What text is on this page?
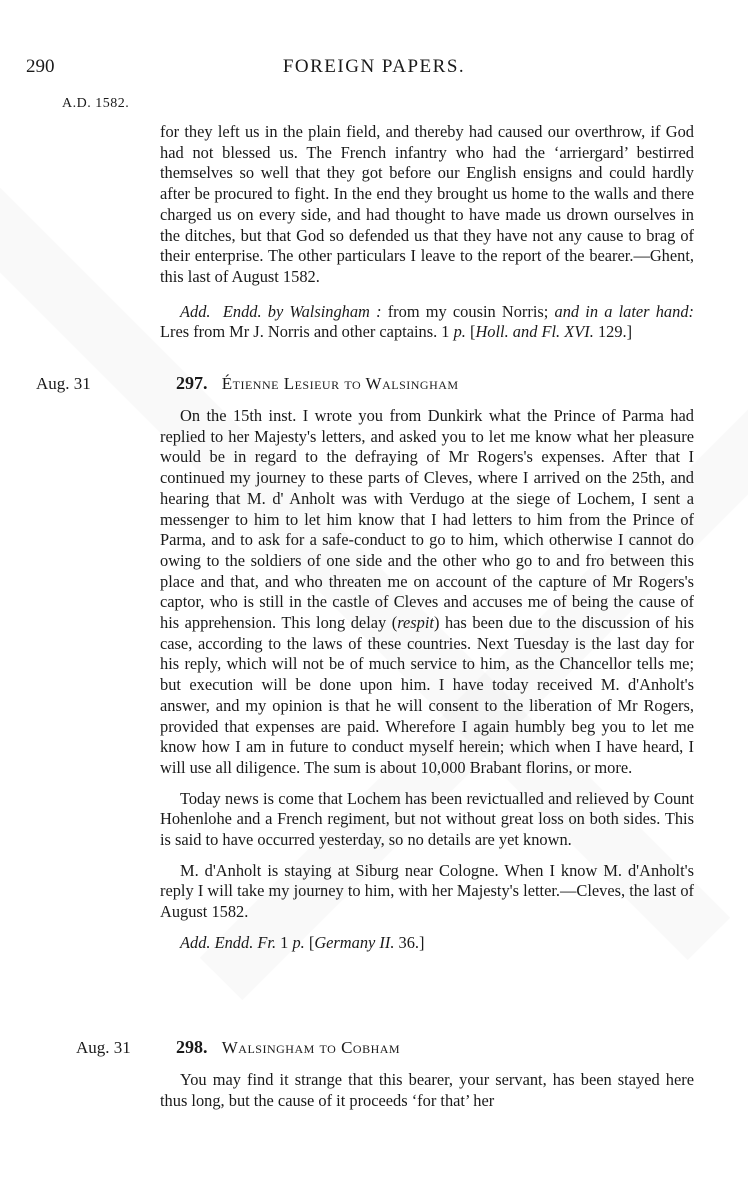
290	FOREIGN PAPERS.
A.D. 1582.

for they left us in the plain field, and thereby had caused our overthrow, if God had not blessed us. The French infantry who had the ‘arriergard’ bestirred themselves so well that they got before our English ensigns and could hardly after be procured to fight. In the end they brought us home to the walls and there charged us on every side, and had thought to have made us drown ourselves in the ditches, but that God so defended us that they have not any cause to brag of their enterprise. The other particulars I leave to the report of the bearer.—Ghent, this last of August 1582.

Add. Endd. by Walsingham : from my cousin Norris; and in a later hand: Lres from Mr J. Norris and other captains. 1 p. [Holl. and Fl. XVI. 129.]

Aug. 31	297. Étienne Lesieur to Walsingham

On the 15th inst. I wrote you from Dunkirk what the Prince of Parma had replied to her Majesty's letters, and asked you to let me know what her pleasure would be in regard to the defraying of Mr Rogers's expenses. After that I continued my journey to these parts of Cleves, where I arrived on the 25th, and hearing that M. d' Anholt was with Verdugo at the siege of Lochem, I sent a messenger to him to let him know that I had letters to him from the Prince of Parma, and to ask for a safe-conduct to go to him, which otherwise I cannot do owing to the soldiers of one side and the other who go to and fro between this place and that, and who threaten me on account of the capture of Mr Rogers's captor, who is still in the castle of Cleves and accuses me of being the cause of his apprehension. This long delay (respit) has been due to the discussion of his case, according to the laws of these countries. Next Tuesday is the last day for his reply, which will not be of much service to him, as the Chancellor tells me; but execution will be done upon him. I have today received M. d'Anholt's answer, and my opinion is that he will consent to the liberation of Mr Rogers, provided that expenses are paid. Wherefore I again humbly beg you to let me know how I am in future to conduct myself herein; which when I have heard, I will use all diligence. The sum is about 10,000 Brabant florins, or more.

Today news is come that Lochem has been revictualled and relieved by Count Hohenlohe and a French regiment, but not without great loss on both sides. This is said to have occurred yesterday, so no details are yet known.

M. d'Anholt is staying at Siburg near Cologne. When I know M. d'Anholt's reply I will take my journey to him, with her Majesty's letter.—Cleves, the last of August 1582.

Add. Endd. Fr. 1 p. [Germany II. 36.]

Aug. 31	298. Walsingham to Cobham

You may find it strange that this bearer, your servant, has been stayed here thus long, but the cause of it proceeds ‘for that’ her
